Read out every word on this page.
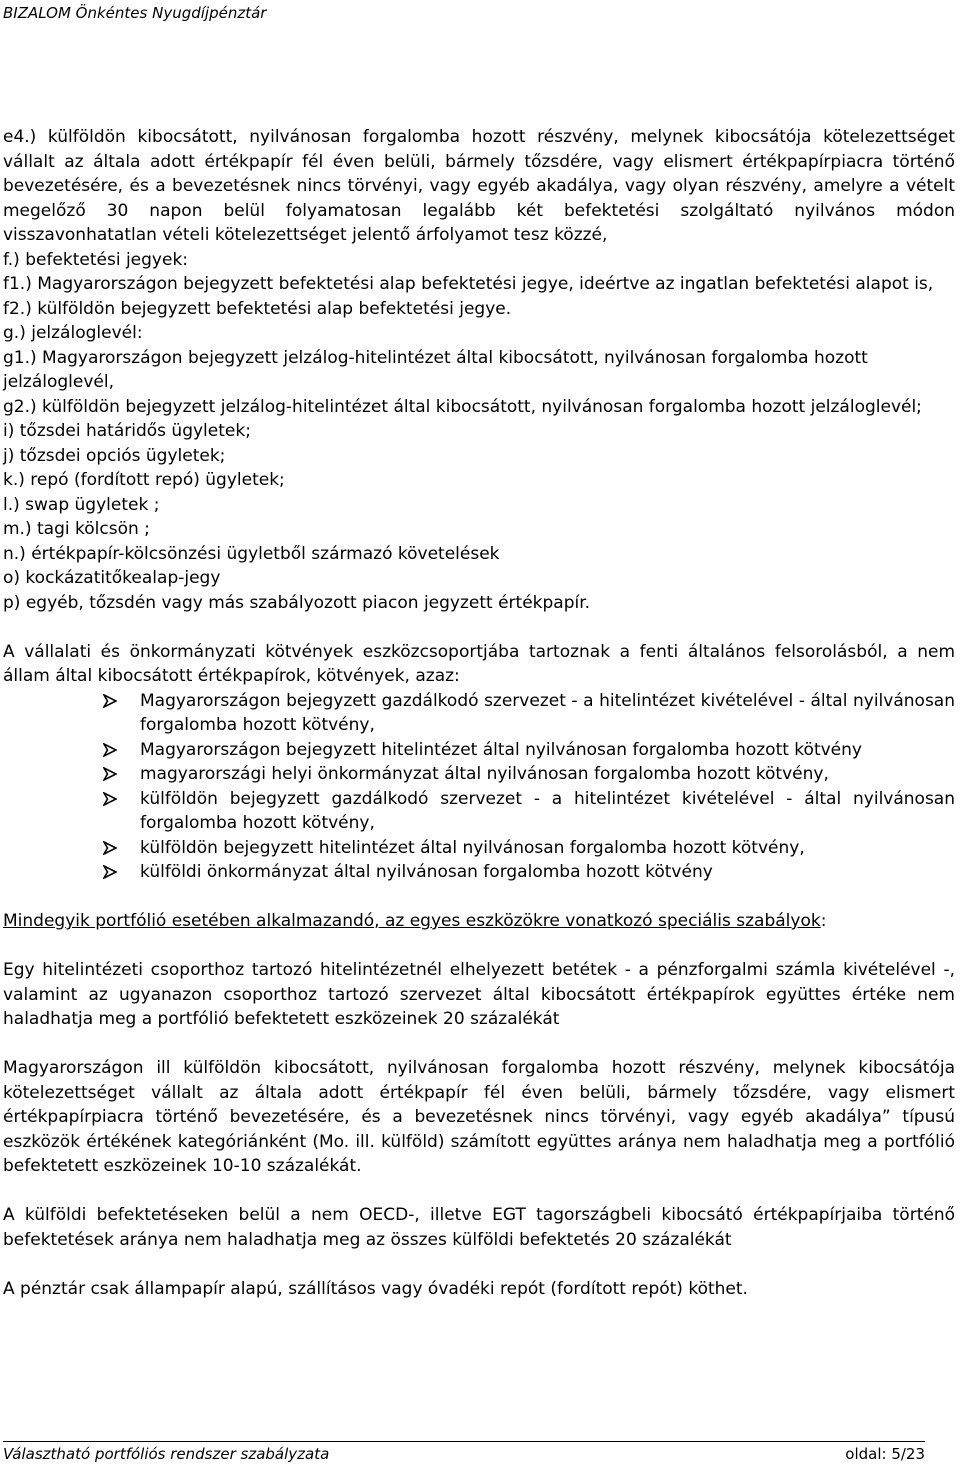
BIZALOM Önkéntes Nyugdíjpénztár

e4.) külföldön kibocsátott, nyilvánosan forgalomba hozott részvény, melynek kibocsátója kötelezettséget vállalt az általa adott értékpapír fél éven belüli, bármely tőzsdére, vagy elismert értékpapírpiacra történő bevezetésére, és a bevezetésnek nincs törvényi, vagy egyéb akadálya, vagy olyan részvény, amelyre a vételt megelőző 30 napon belül folyamatosan legalább két befektetési szolgáltató nyilvános módon visszavonhatatlan vételi kötelezettséget jelentő árfolyamot tesz közzé,

f.) befektetési jegyek:

f1.) Magyarországon bejegyzett befektetési alap befektetési jegye, ideértve az ingatlan befektetési alapot is,

f2.) külföldön bejegyzett befektetési alap befektetési jegye.

g.) jelzáloglevél:

g1.) Magyarországon bejegyzett jelzálog-hitelintézet által kibocsátott, nyilvánosan forgalomba hozott jelzáloglevél,

g2.) külföldön bejegyzett jelzálog-hitelintézet által kibocsátott, nyilvánosan forgalomba hozott jelzáloglevél;

i) tőzsdei határidős ügyletek;

j) tőzsdei opciós ügyletek;

k.) repó (fordított repó) ügyletek;

l.) swap ügyletek ;

m.) tagi kölcsön ;

n.) értékpapír-kölcsönzési ügyletből származó követelések

o) kockázatitőkealap-jegy

p) egyéb, tőzsdén vagy más szabályozott piacon jegyzett értékpapír.

A vállalati és önkormányzati kötvények eszközcsoportjába tartoznak a fenti általános felsorolásból, a nem állam által kibocsátott értékpapírok, kötvények, azaz:

Magyarországon bejegyzett gazdálkodó szervezet - a hitelintézet kivételével - által nyilvánosan forgalomba hozott kötvény,
Magyarországon bejegyzett hitelintézet által nyilvánosan forgalomba hozott kötvény
magyarországi helyi önkormányzat által nyilvánosan forgalomba hozott kötvény,
külföldön bejegyzett gazdálkodó szervezet - a hitelintézet kivételével - által nyilvánosan forgalomba hozott kötvény,
külföldön bejegyzett hitelintézet által nyilvánosan forgalomba hozott kötvény,
külföldi önkormányzat által nyilvánosan forgalomba hozott kötvény

Mindegyik portfólió esetében alkalmazandó, az egyes eszközökre vonatkozó speciális szabályok:

Egy hitelintézeti csoporthoz tartozó hitelintézetnél elhelyezett betétek - a pénzforgalmi számla kivételével -, valamint az ugyanazon csoporthoz tartozó szervezet által kibocsátott értékpapírok együttes értéke nem haladhatja meg a portfólió befektetett eszközeinek 20 százalékát

Magyarországon ill külföldön kibocsátott, nyilvánosan forgalomba hozott részvény, melynek kibocsátója kötelezettséget vállalt az általa adott értékpapír fél éven belüli, bármely tőzsdére, vagy elismert értékpapírpiacra történő bevezetésére, és a bevezetésnek nincs törvényi, vagy egyéb akadálya” típusú eszközök értékének kategóriánként (Mo. ill. külföld) számított együttes aránya nem haladhatja meg a portfólió befektetett eszközeinek 10-10 százalékát.

A külföldi befektetéseken belül a nem OECD-, illetve EGT tagországbeli kibocsátó értékpapírjaiba történő befektetések aránya nem haladhatja meg az összes külföldi befektetés 20 százalékát

A pénztár csak állampapír alapú, szállításos vagy óvadéki repót (fordított repót) köthet.

Választható portfóliós rendszer szabályzata	oldal: 5/23
